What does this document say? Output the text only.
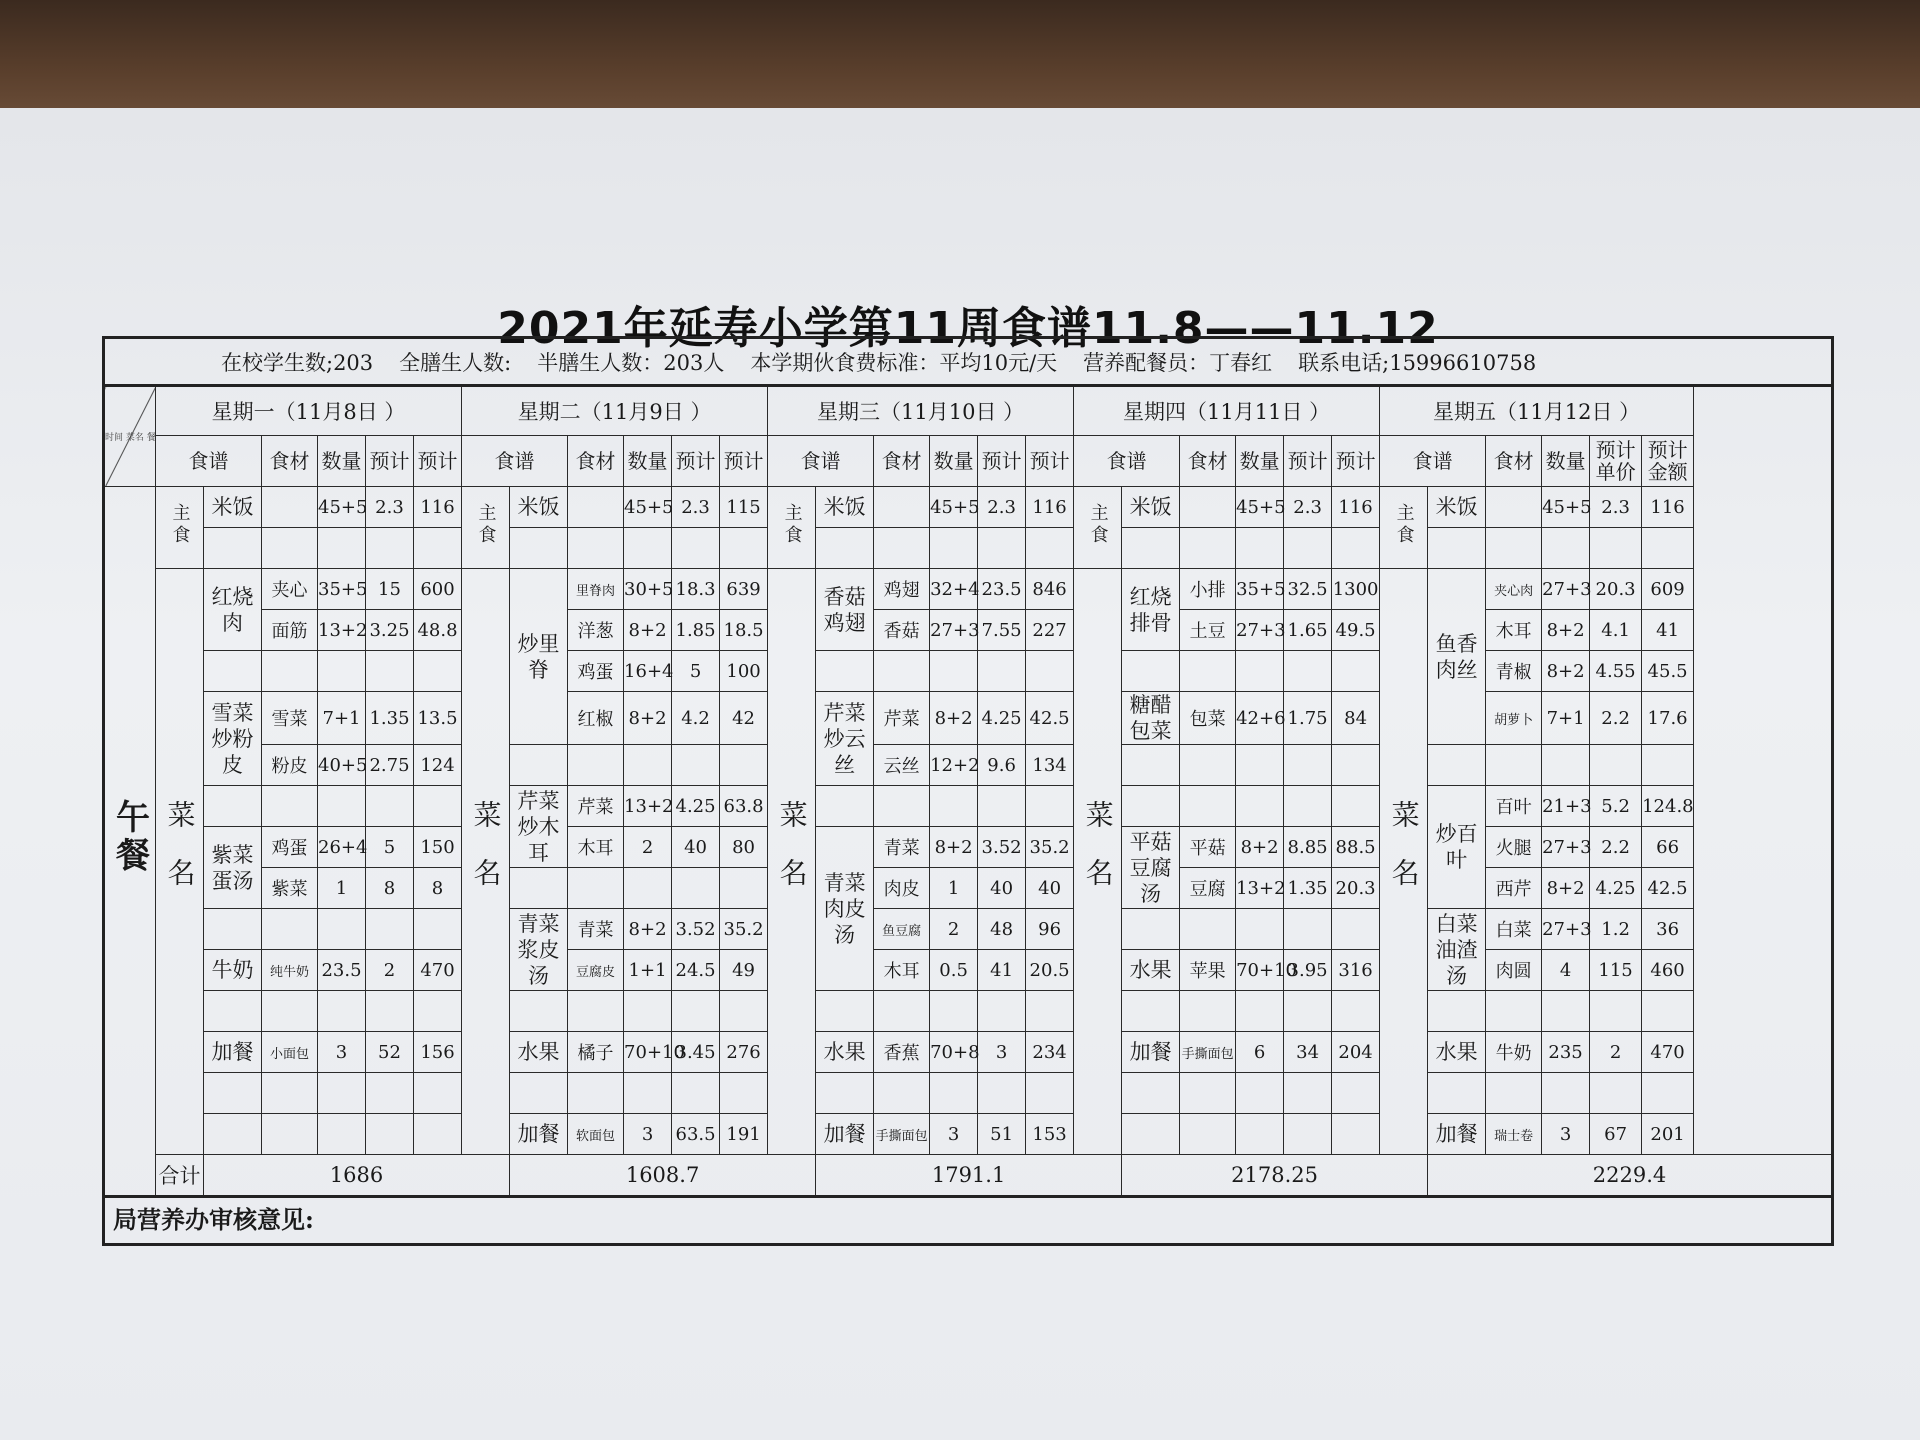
2021年延寿小学第11周食谱11.8——11.12
在校学生数;203 全膳生人数: 半膳生人数：203人 本学期伙食费标准：平均10元/天 营养配餐员：丁春红 联系电话;15996610758
时间 菜名 餐	星期一（11月8日 ）						星期二（11月9日 ）						星期三（11月10日 ）						星期四（11月11日 ）						星期五（11月12日 ）					
	食谱		食材	数量	预计	预计	食谱		食材	数量	预计	预计	食谱		食材	数量	预计	预计	食谱		食材	数量	预计	预计	食谱		食材	数量	预计单价	预计金额
午餐	主食	米饭		45+5	2.3	116	主食	米饭		45+5	2.3	115	主食	米饭		45+5	2.3	116	主食	米饭		45+5	2.3	116	主食	米饭		45+5	2.3	116

	菜名	红烧肉	夹心	35+5	15	600	菜名	炒里脊	里脊肉	30+5	18.3	639	菜名	香菇鸡翅	鸡翅	32+4	23.5	846	菜名	红烧排骨	小排	35+5	32.5	1300	菜名	鱼香肉丝	夹心肉	27+3	20.3	609
			面筋	13+2	3.25	48.8			洋葱	8+2	1.85	18.5			香菇	27+3	7.55	227			土豆	27+3	1.65	49.5			木耳	8+2	4.1	41
									鸡蛋	16+4	5	100															青椒	8+2	4.55	45.5
		雪菜炒粉皮	雪菜	7+1	1.35	13.5			红椒	8+2	4.2	42		芹菜炒云丝	芹菜	8+2	4.25	42.5		糖醋包菜	包菜	42+6	1.75	84			胡萝卜	7+1	2.2	17.6
			粉皮	40+5	2.75	124									云丝	12+2	9.6	134												
								芹菜炒木耳	芹菜	13+2	4.25	63.8														炒百叶	百叶	21+3	5.2	124.8
		紫菜蛋汤	鸡蛋	26+4	5	150			木耳	2	40	80		青菜肉皮汤	青菜	8+2	3.52	35.2		平菇豆腐汤	平菇	8+2	8.85	88.5			火腿	27+3	2.2	66
			紫菜	1	8	8									肉皮	1	40	40			豆腐	13+2	1.35	20.3			西芹	8+2	4.25	42.5
								青菜浆皮汤	青菜	8+2	3.52	35.2			鱼豆腐	2	48	96								白菜油渣汤	白菜	27+3	1.2	36
		牛奶	纯牛奶	23.5	2	470			豆腐皮	1+1	24.5	49			木耳	0.5	41	20.5		水果	苹果	70+10	3.95	316			肉圆	4	115	460

		加餐	小面包	3	52	156		水果	橘子	70+10	3.45	276		水果	香蕉	70+8	3	234		加餐	手撕面包	6	34	204		水果	牛奶	235	2	470

								加餐	软面包	3	63.5	191		加餐	手撕面包	3	51	153								加餐	瑞士卷	3	67	201
	合计	1686						1608.7						1791.1						2178.25						2229.4				
局营养办审核意见:
